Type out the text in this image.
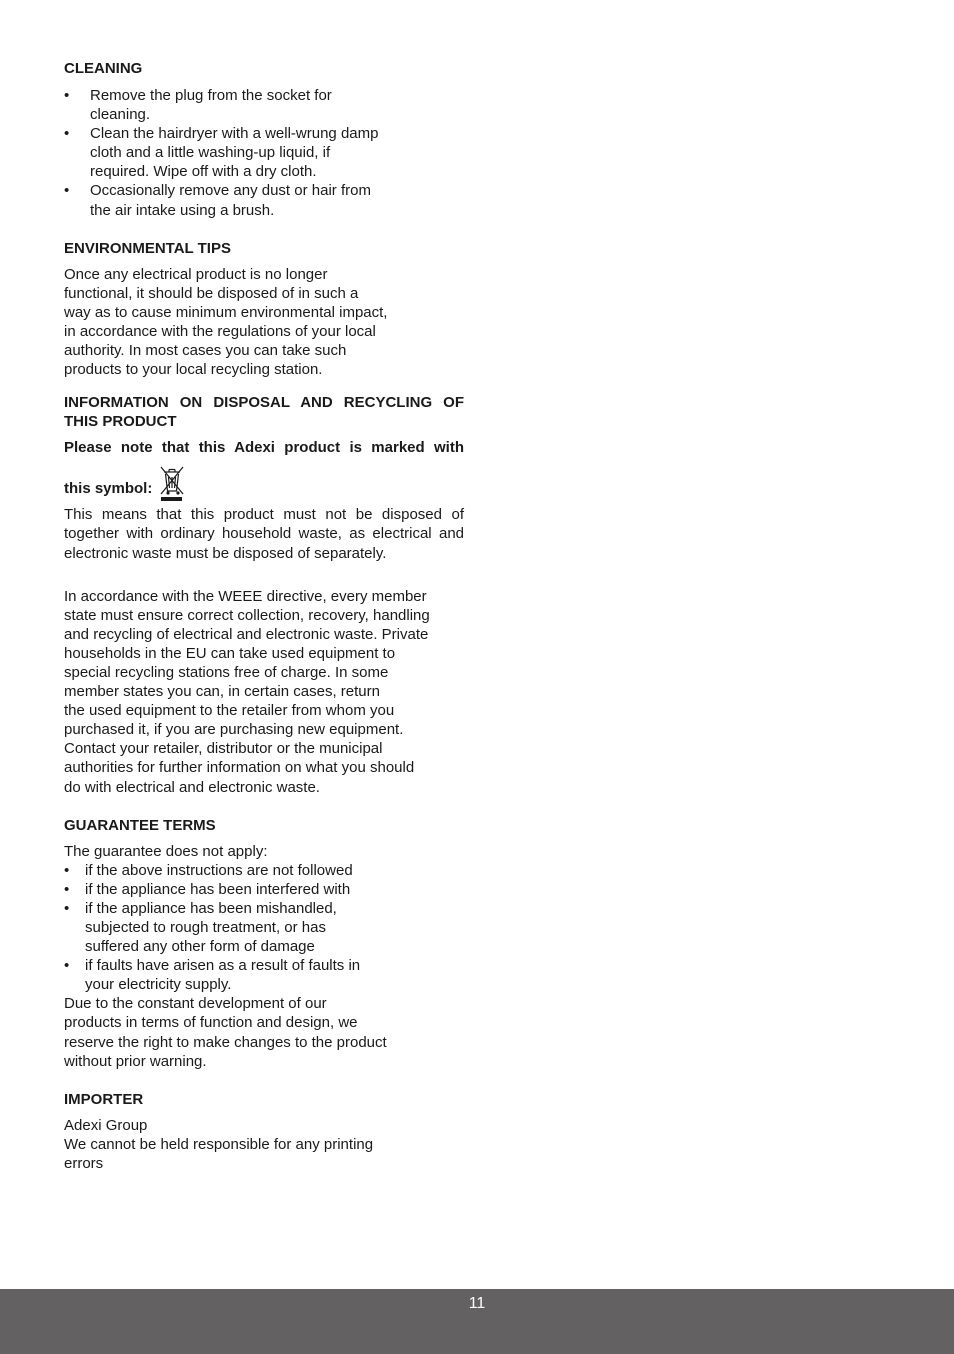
CLEANING
• Remove the plug from the socket for
cleaning.
• Clean the hairdryer with a well-wrung damp
cloth and a little washing-up liquid, if
required. Wipe off with a dry cloth.
• Occasionally remove any dust or hair from
the air intake using a brush.
ENVIRONMENTAL TIPS

Once any electrical product is no longer
functional, it should be disposed of in such a
way as to cause minimum environmental impact,
in accordance with the regulations of your local
authority. In most cases you can take such
products to your local recycling station.

INFORMATION ON DISPOSAL AND RECYCLING OF THIS PRODUCT

Please note that this Adexi product is marked with

this symbol:

This means that this product must not be disposed of together with ordinary household waste, as electrical and electronic waste must be disposed of separately.

In accordance with the WEEE directive, every member
state must ensure correct collection, recovery, handling
and recycling of electrical and electronic waste. Private
households in the EU can take used equipment to
special recycling stations free of charge. In some
member states you can, in certain cases, return
the used equipment to the retailer from whom you
purchased it, if you are purchasing new equipment.
Contact your retailer, distributor or the municipal
authorities for further information on what you should
do with electrical and electronic waste.

GUARANTEE TERMS

The guarantee does not apply:

• if the above instructions are not followed
• if the appliance has been interfered with
• if the appliance has been mishandled,
subjected to rough treatment, or has
suffered any other form of damage
• if faults have arisen as a result of faults in
your electricity supply.

Due to the constant development of our
products in terms of function and design, we
reserve the right to make changes to the product
without prior warning.

IMPORTER

Adexi Group
We cannot be held responsible for any printing
errors

11
